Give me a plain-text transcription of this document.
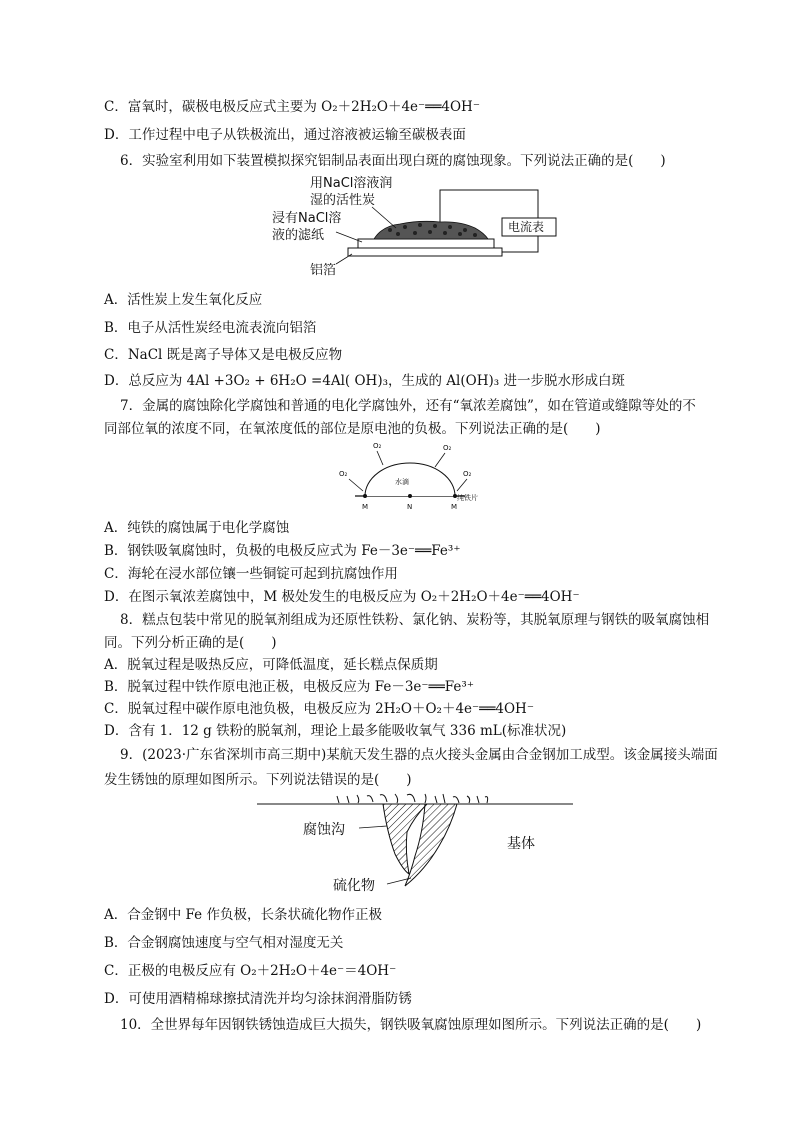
C．富氧时，碳极电极反应式主要为 O₂＋2H₂O＋4e⁻══4OH⁻
D．工作过程中电子从铁极流出，通过溶液被运输至碳极表面
6．实验室利用如下装置模拟探究铝制品表面出现白斑的腐蚀现象。下列说法正确的是(　　)
电流表
用NaCl溶液润
湿的活性炭
浸有NaCl溶
液的滤纸
铝箔
A．活性炭上发生氧化反应
B．电子从活性炭经电流表流向铝箔
C．NaCl 既是离子导体又是电极反应物
D．总反应为 4Al +3O₂ + 6H₂O =4Al( OH)₃，生成的 Al(OH)₃ 进一步脱水形成白斑
7．金属的腐蚀除化学腐蚀和普通的电化学腐蚀外，还有“氧浓差腐蚀”，如在管道或缝隙等处的不
同部位氧的浓度不同，在氧浓度低的部位是原电池的负极。下列说法正确的是(　　)
水滴
O₂	O₂
O₂	O₂
纯铁片
M	N	M
A．纯铁的腐蚀属于电化学腐蚀
B．钢铁吸氧腐蚀时，负极的电极反应式为 Fe－3e⁻══Fe³⁺
C．海轮在浸水部位镶一些铜锭可起到抗腐蚀作用
D．在图示氧浓差腐蚀中，M 极处发生的电极反应为 O₂＋2H₂O＋4e⁻══4OH⁻
8．糕点包装中常见的脱氧剂组成为还原性铁粉、氯化钠、炭粉等，其脱氧原理与钢铁的吸氧腐蚀相
同。下列分析正确的是(　　)
A．脱氧过程是吸热反应，可降低温度，延长糕点保质期
B．脱氧过程中铁作原电池正极，电极反应为 Fe－3e⁻══Fe³⁺
C．脱氧过程中碳作原电池负极，电极反应为 2H₂O＋O₂＋4e⁻══4OH⁻
D．含有 1．12 g 铁粉的脱氧剂，理论上最多能吸收氧气 336 mL(标准状况)
9．(2023·广东省深圳市高三期中)某航天发生器的点火接头金属由合金钢加工成型。该金属接头端面
发生锈蚀的原理如图所示。下列说法错误的是(　　)
腐蚀沟
基体
硫化物
A．合金钢中 Fe 作负极，长条状硫化物作正极
B．合金钢腐蚀速度与空气相对湿度无关
C．正极的电极反应有 O₂＋2H₂O＋4e⁻＝4OH⁻
D．可使用酒精棉球擦拭清洗并均匀涂抹润滑脂防锈
10．全世界每年因钢铁锈蚀造成巨大损失，钢铁吸氧腐蚀原理如图所示。下列说法正确的是(　　)
